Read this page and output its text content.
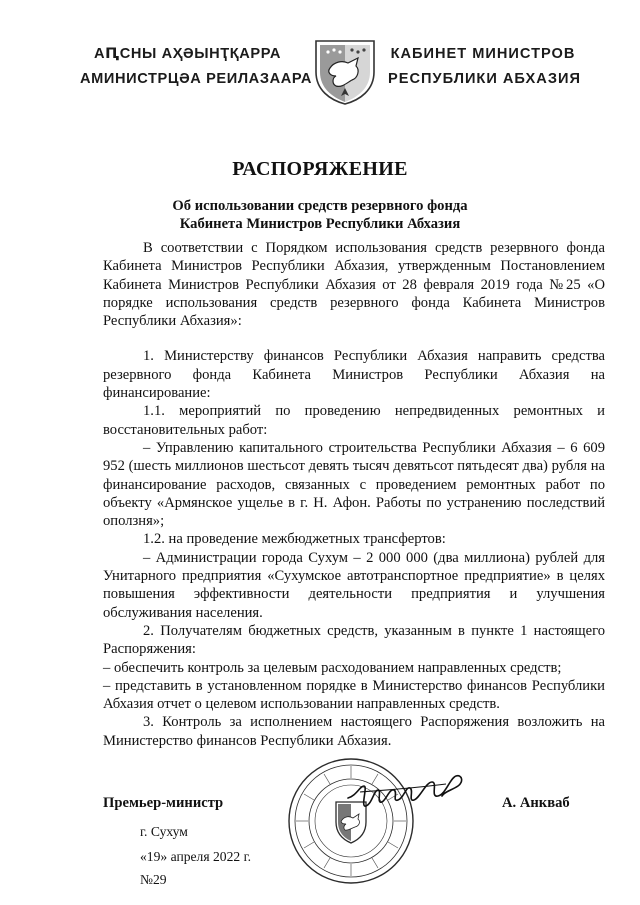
АԤСНЫ АҲӘЫНҬҚАРРА
АМИНИСТРЦӘА РЕИЛАЗААРА
КАБИНЕТ МИНИСТРОВ
РЕСПУБЛИКИ АБХАЗИЯ
РАСПОРЯЖЕНИЕ
Об использовании средств резервного фонда
Кабинета Министров Республики Абхазия

В соответствии с Порядком использования средств резервного фонда Кабинета Министров Республики Абхазия, утвержденным Постановлением Кабинета Министров Республики Абхазия от 28 февраля 2019 года №25 «О порядке использования средств резервного фонда Кабинета Министров Республики Абхазия»:

1. Министерству финансов Республики Абхазия направить средства резервного фонда Кабинета Министров Республики Абхазия на финансирование:

1.1. мероприятий по проведению непредвиденных ремонтных и восстановительных работ:

– Управлению капитального строительства Республики Абхазия – 6 609 952 (шесть миллионов шестьсот девять тысяч девятьсот пятьдесят два) рубля на финансирование расходов, связанных с проведением ремонтных работ по объекту «Армянское ущелье в г. Н. Афон. Работы по устранению последствий оползня»;

1.2. на проведение межбюджетных трансфертов:

– Администрации города Сухум – 2 000 000 (два миллиона) рублей для Унитарного предприятия «Сухумское автотранспортное предприятие» в целях повышения эффективности деятельности предприятия и улучшения обслуживания населения.

2. Получателям бюджетных средств, указанным в пункте 1 настоящего Распоряжения:

– обеспечить контроль за целевым расходованием направленных средств;

– представить в установленном порядке в Министерство финансов Республики Абхазия отчет о целевом использовании направленных средств.

3. Контроль за исполнением настоящего Распоряжения возложить на Министерство финансов Республики Абхазия.

Премьер-министр	А. Анкваб
г. Сухум
«19» апреля 2022 г.
№29
